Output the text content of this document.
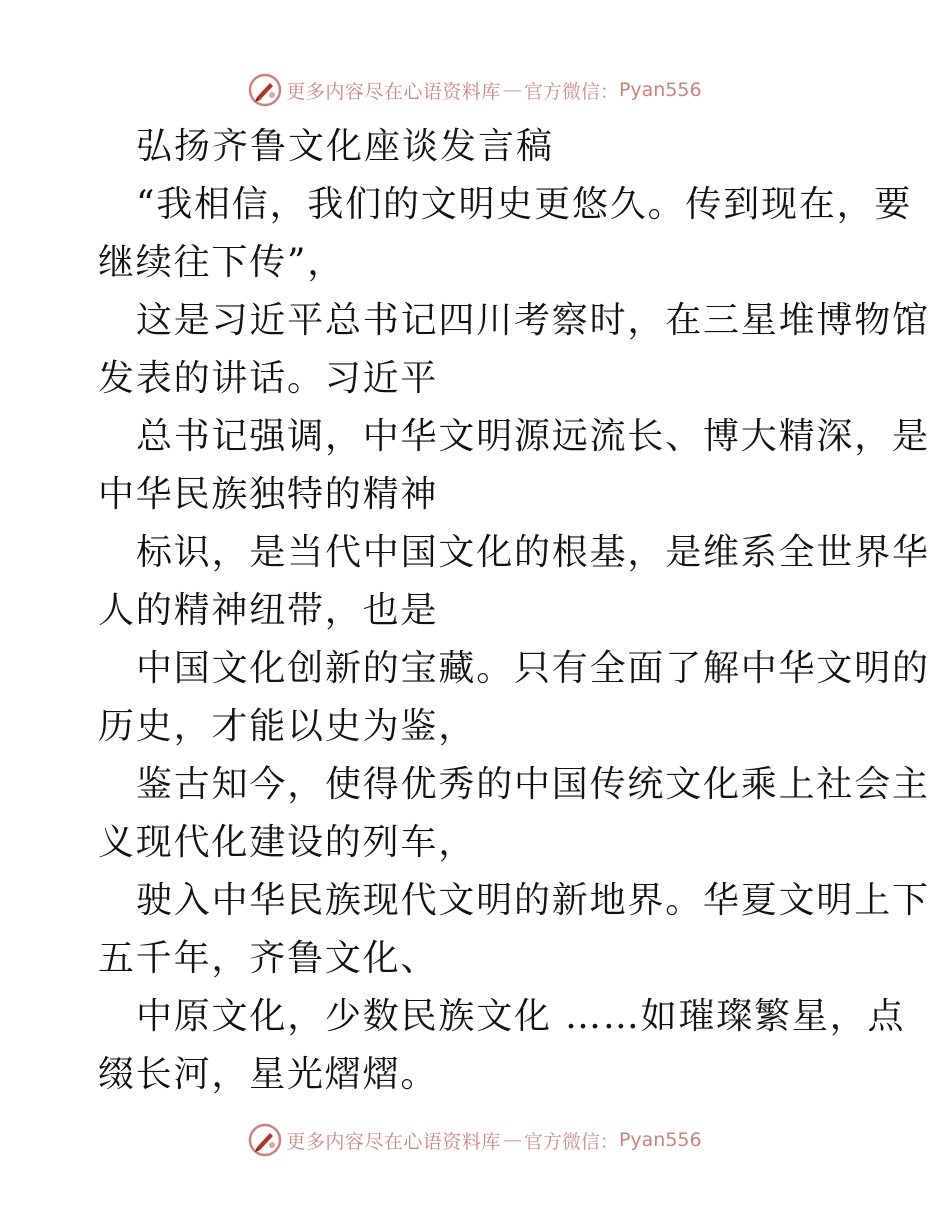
更多内容尽在心语资料库 — 官方微信： Pyan556
弘扬齐鲁文化座谈发言稿
“我相信，我们的文明史更悠久。传到现在，要
继续往下传”，
这是习近平总书记四川考察时，在三星堆博物馆
发表的讲话。习近平
总书记强调，中华文明源远流长、博大精深，是
中华民族独特的精神
标识，是当代中国文化的根基，是维系全世界华
人的精神纽带，也是
中国文化创新的宝藏。只有全面了解中华文明的
历史，才能以史为鉴，
鉴古知今，使得优秀的中国传统文化乘上社会主
义现代化建设的列车，
驶入中华民族现代文明的新地界。华夏文明上下
五千年，齐鲁文化、
中原文化，少数民族文化 ……如璀璨繁星，点
缀长河，星光熠熠。
更多内容尽在心语资料库 — 官方微信： Pyan556
